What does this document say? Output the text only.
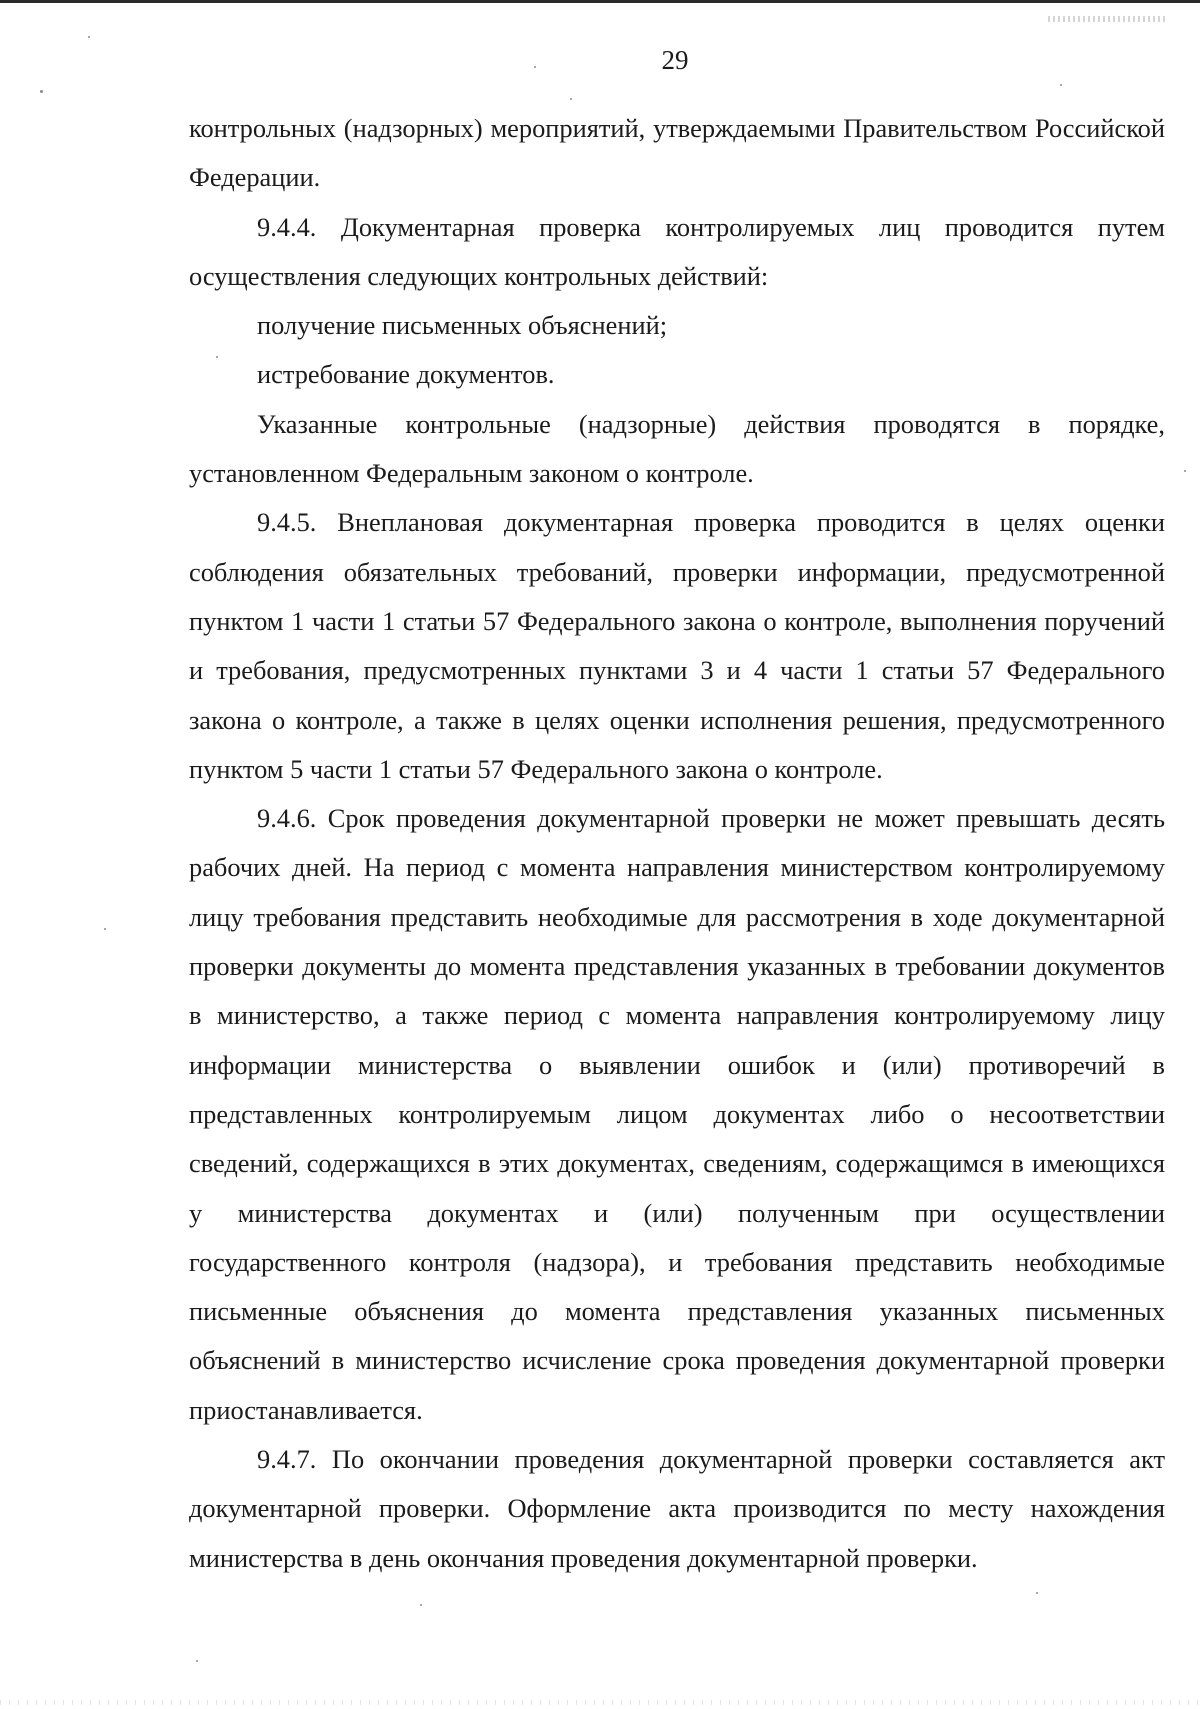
29

контрольных (надзорных) мероприятий, утверждаемыми Правительством Российской Федерации.

9.4.4. Документарная проверка контролируемых лиц проводится путем осуществления следующих контрольных действий:

получение письменных объяснений;

истребование документов.

Указанные контрольные (надзорные) действия проводятся в порядке, установленном Федеральным законом о контроле.

9.4.5. Внеплановая документарная проверка проводится в целях оценки соблюдения обязательных требований, проверки информации, предусмотренной пунктом 1 части 1 статьи 57 Федерального закона о контроле, выполнения поручений и требования, предусмотренных пунктами 3 и 4 части 1 статьи 57 Федерального закона о контроле, а также в целях оценки исполнения решения, предусмотренного пунктом 5 части 1 статьи 57 Федерального закона о контроле.

9.4.6. Срок проведения документарной проверки не может превышать десять рабочих дней. На период с момента направления министерством контролируемому лицу требования представить необходимые для рассмотрения в ходе документарной проверки документы до момента представления указанных в требовании документов в министерство, а также период с момента направления контролируемому лицу информации министерства о выявлении ошибок и (или) противоречий в представленных контролируемым лицом документах либо о несоответствии сведений, содержащихся в этих документах, сведениям, содержащимся в имеющихся у министерства документах и (или) полученным при осуществлении государственного контроля (надзора), и требования представить необходимые письменные объяснения до момента представления указанных письменных объяснений в министерство исчисление срока проведения документарной проверки приостанавливается.

9.4.7. По окончании проведения документарной проверки составляется акт документарной проверки. Оформление акта производится по месту нахождения министерства в день окончания проведения документарной проверки.
